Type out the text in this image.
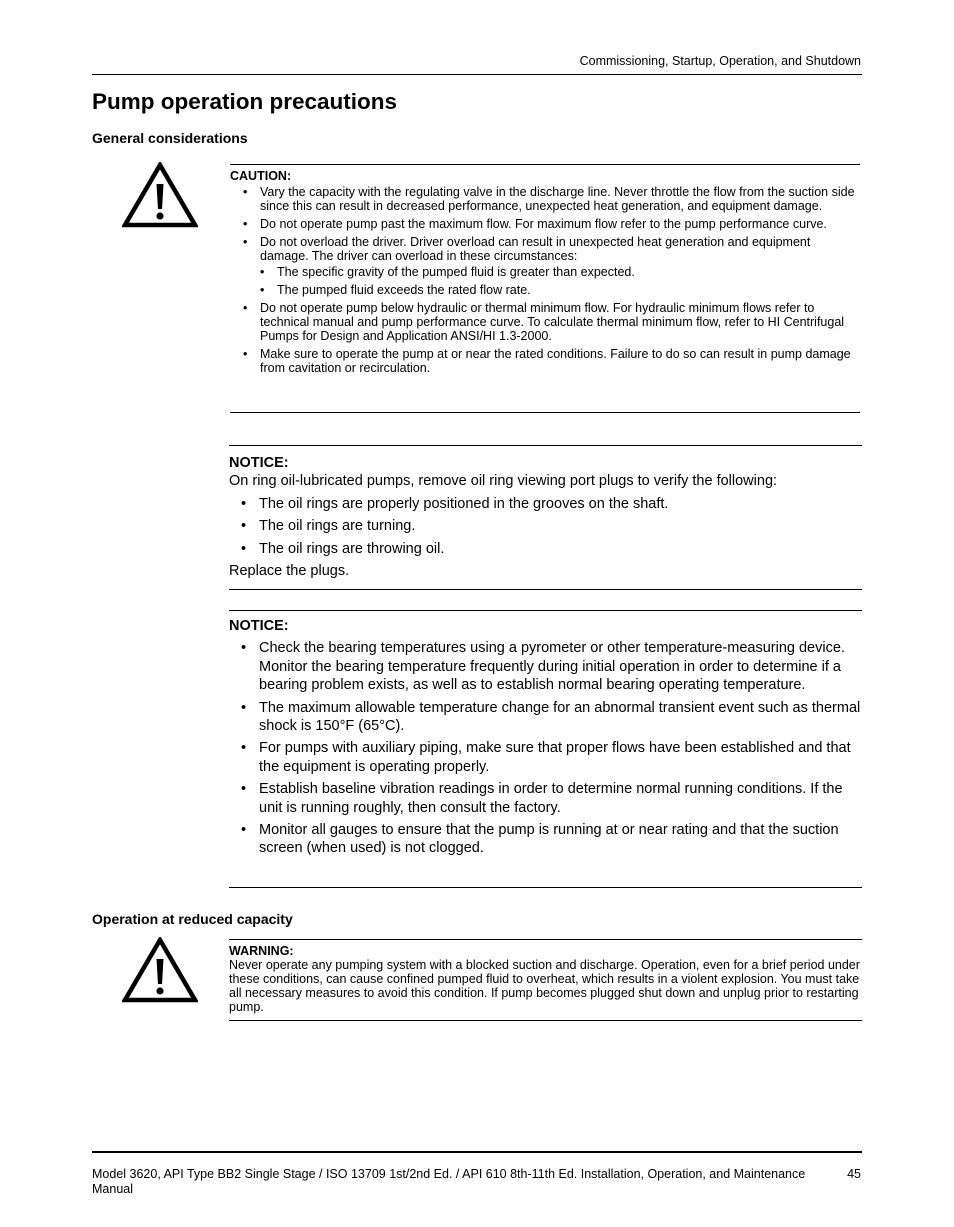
Commissioning, Startup, Operation, and Shutdown
Pump operation precautions
General considerations
CAUTION:
• Vary the capacity with the regulating valve in the discharge line. Never throttle the flow from the suction side since this can result in decreased performance, unexpected heat generation, and equipment damage.
• Do not operate pump past the maximum flow. For maximum flow refer to the pump performance curve.
• Do not overload the driver. Driver overload can result in unexpected heat generation and equipment damage. The driver can overload in these circumstances:
• The specific gravity of the pumped fluid is greater than expected.
• The pumped fluid exceeds the rated flow rate.
• Do not operate pump below hydraulic or thermal minimum flow. For hydraulic minimum flows refer to technical manual and pump performance curve. To calculate thermal minimum flow, refer to HI Centrifugal Pumps for Design and Application ANSI/HI 1.3-2000.
• Make sure to operate the pump at or near the rated conditions. Failure to do so can result in pump damage from cavitation or recirculation.
NOTICE:

On ring oil-lubricated pumps, remove oil ring viewing port plugs to verify the following:

• The oil rings are properly positioned in the grooves on the shaft.
• The oil rings are turning.
• The oil rings are throwing oil.

Replace the plugs.

NOTICE:
• Check the bearing temperatures using a pyrometer or other temperature-measuring device. Monitor the bearing temperature frequently during initial operation in order to determine if a bearing problem exists, as well as to establish normal bearing operating temperature.
• The maximum allowable temperature change for an abnormal transient event such as thermal shock is 150°F (65°C).
• For pumps with auxiliary piping, make sure that proper flows have been established and that the equipment is operating properly.
• Establish baseline vibration readings in order to determine normal running conditions. If the unit is running roughly, then consult the factory.
• Monitor all gauges to ensure that the pump is running at or near rating and that the suction screen (when used) is not clogged.
Operation at reduced capacity
WARNING:
Never operate any pumping system with a blocked suction and discharge. Operation, even for a brief period under these conditions, can cause confined pumped fluid to overheat, which results in a violent explosion. You must take all necessary measures to avoid this condition. If pump becomes plugged shut down and unplug prior to restarting pump.
Model 3620, API Type BB2 Single Stage / ISO 13709 1st/2nd Ed. / API 610 8th-11th Ed. Installation, Operation, and Maintenance Manual
45
